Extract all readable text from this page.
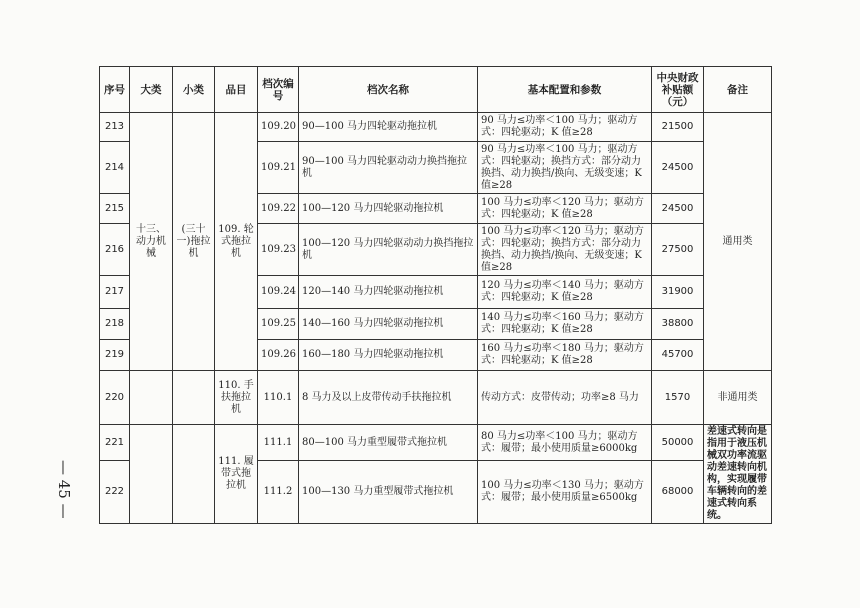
— 45 —
序号	大类	小类	品目	档次编号	档次名称	基本配置和参数	中央财政补贴额（元）	备注
213	十三、动力机械	(三十一)拖拉机	109. 轮式拖拉机	109.20	90—100 马力四轮驱动拖拉机	90 马力≤功率＜100 马力；驱动方式：四轮驱动；K 值≥28	21500	通用类
214				109.21	90—100 马力四轮驱动动力换挡拖拉机	90 马力≤功率＜100 马力；驱动方式：四轮驱动；换挡方式：部分动力换挡、动力换挡/换向、无级变速；K 值≥28	24500	
215				109.22	100—120 马力四轮驱动拖拉机	100 马力≤功率＜120 马力；驱动方式：四轮驱动；K 值≥28	24500	
216				109.23	100—120 马力四轮驱动动力换挡拖拉机	100 马力≤功率＜120 马力；驱动方式：四轮驱动；换挡方式：部分动力换挡、动力换挡/换向、无级变速；K 值≥28	27500	
217				109.24	120—140 马力四轮驱动拖拉机	120 马力≤功率＜140 马力；驱动方式：四轮驱动；K 值≥28	31900	
218				109.25	140—160 马力四轮驱动拖拉机	140 马力≤功率＜160 马力；驱动方式：四轮驱动；K 值≥28	38800	
219				109.26	160—180 马力四轮驱动拖拉机	160 马力≤功率＜180 马力；驱动方式：四轮驱动；K 值≥28	45700	
220			110. 手扶拖拉机	110.1	8 马力及以上皮带传动手扶拖拉机	传动方式：皮带传动；功率≥8 马力	1570	非通用类
221			111. 履带式拖拉机	111.1	80—100 马力重型履带式拖拉机	80 马力≤功率＜100 马力；驱动方式：履带；最小使用质量≥6000kg	50000	差速式转向是指用于液压机械双功率流驱动差速转向机构，实现履带车辆转向的差速式转向系统。
222				111.2	100—130 马力重型履带式拖拉机	100 马力≤功率＜130 马力；驱动方式：履带；最小使用质量≥6500kg	68000	
